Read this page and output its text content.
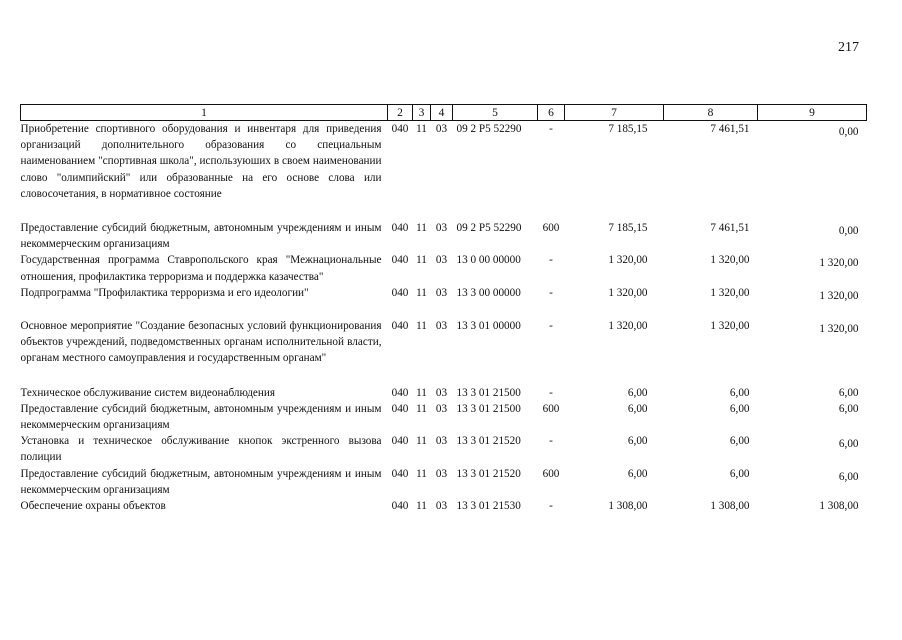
217
1	2	3	4	5	6	7	8	9
Приобретение спортивного оборудования и инвентаря для приведения организаций дополнительного образования со специальным наименованием "спортивная школа", используюших в своем наименовании слово "олимпийский" или образованные на его основе слова или словосочетания, в нормативное состояние	040	11	03	09 2 P5 52290	-	7 185,15	7 461,51	0,00
Предоставление субсидий бюджетным, автономным учреждениям и иным некоммерческим организациям	040	11	03	09 2 P5 52290	600	7 185,15	7 461,51	0,00
Государственная программа Ставропольского края "Межнациональные отношения, профилактика терроризма и поддержка казачества"	040	11	03	13 0 00 00000	-	1 320,00	1 320,00	1 320,00
Подпрограмма "Профилактика терроризма и его идеологии"	040	11	03	13 3 00 00000	-	1 320,00	1 320,00	1 320,00
Основное мероприятие "Создание безопасных условий функционирования объектов учреждений, подведомственных органам исполнительной власти, органам местного самоуправления и государственным органам"	040	11	03	13 3 01 00000	-	1 320,00	1 320,00	1 320,00
Техническое обслуживание систем видеонаблюдения	040	11	03	13 3 01 21500	-	6,00	6,00	6,00
Предоставление субсидий бюджетным, автономным учреждениям и иным некоммерческим организациям	040	11	03	13 3 01 21500	600	6,00	6,00	6,00
Установка и техническое обслуживание кнопок экстренного вызова полиции	040	11	03	13 3 01 21520	-	6,00	6,00	6,00
Предоставление субсидий бюджетным, автономным учреждениям и иным некоммерческим организациям	040	11	03	13 3 01 21520	600	6,00	6,00	6,00
Обеспечение охраны объектов	040	11	03	13 3 01 21530	-	1 308,00	1 308,00	1 308,00
